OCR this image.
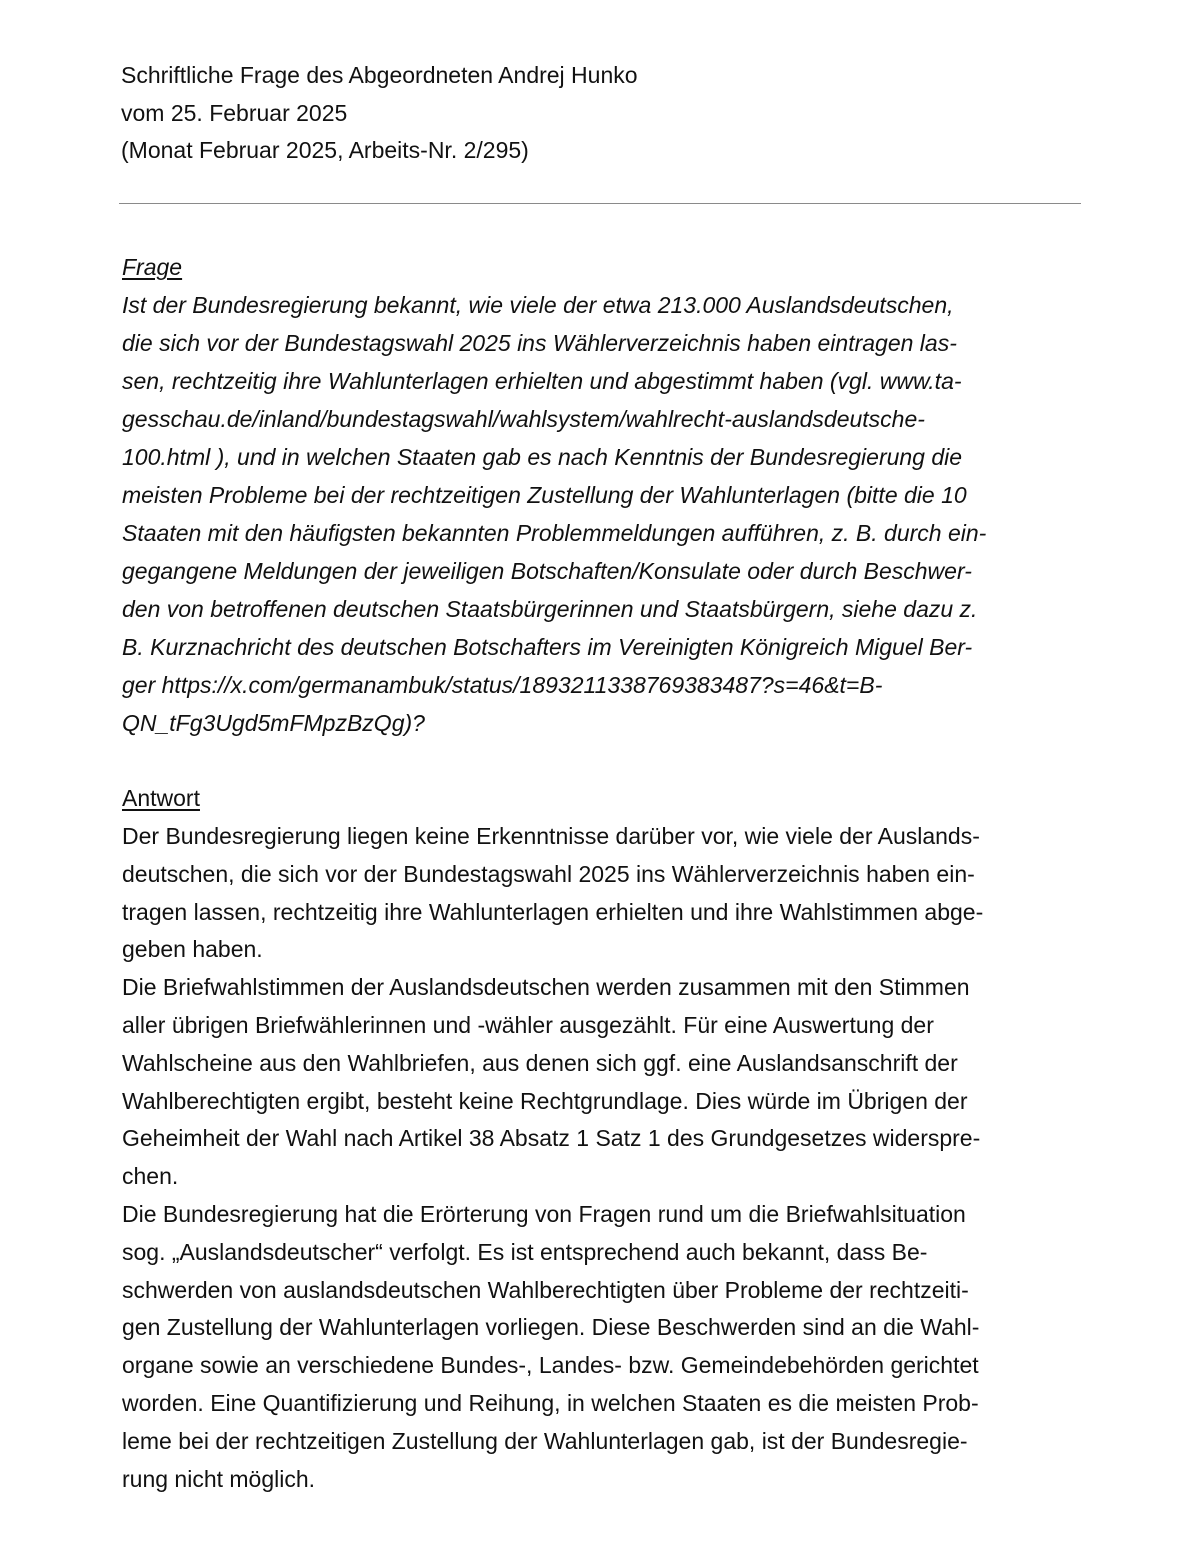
Schriftliche Frage des Abgeordneten Andrej Hunko
vom 25. Februar 2025
(Monat Februar 2025, Arbeits-Nr. 2/295)
Frage
Ist der Bundesregierung bekannt, wie viele der etwa 213.000 Auslandsdeutschen,
die sich vor der Bundestagswahl 2025 ins Wählerverzeichnis haben eintragen las-
sen, rechtzeitig ihre Wahlunterlagen erhielten und abgestimmt haben (vgl. www.ta-
gesschau.de/inland/bundestagswahl/wahlsystem/wahlrecht-auslandsdeutsche-
100.html ), und in welchen Staaten gab es nach Kenntnis der Bundesregierung die
meisten Probleme bei der rechtzeitigen Zustellung der Wahlunterlagen (bitte die 10
Staaten mit den häufigsten bekannten Problemmeldungen aufführen, z. B. durch ein-
gegangene Meldungen der jeweiligen Botschaften/Konsulate oder durch Beschwer-
den von betroffenen deutschen Staatsbürgerinnen und Staatsbürgern, siehe dazu z.
B. Kurznachricht des deutschen Botschafters im Vereinigten Königreich Miguel Ber-
ger https://x.com/germanambuk/status/1893211338769383487?s=46&t=B-
QN_tFg3Ugd5mFMpzBzQg)?
Antwort
Der Bundesregierung liegen keine Erkenntnisse darüber vor, wie viele der Auslands-
deutschen, die sich vor der Bundestagswahl 2025 ins Wählerverzeichnis haben ein-
tragen lassen, rechtzeitig ihre Wahlunterlagen erhielten und ihre Wahlstimmen abge-
geben haben.
Die Briefwahlstimmen der Auslandsdeutschen werden zusammen mit den Stimmen
aller übrigen Briefwählerinnen und -wähler ausgezählt. Für eine Auswertung der
Wahlscheine aus den Wahlbriefen, aus denen sich ggf. eine Auslandsanschrift der
Wahlberechtigten ergibt, besteht keine Rechtgrundlage. Dies würde im Übrigen der
Geheimheit der Wahl nach Artikel 38 Absatz 1 Satz 1 des Grundgesetzes widerspre-
chen.
Die Bundesregierung hat die Erörterung von Fragen rund um die Briefwahlsituation
sog. „Auslandsdeutscher“ verfolgt. Es ist entsprechend auch bekannt, dass Be-
schwerden von auslandsdeutschen Wahlberechtigten über Probleme der rechtzeiti-
gen Zustellung der Wahlunterlagen vorliegen. Diese Beschwerden sind an die Wahl-
organe sowie an verschiedene Bundes-, Landes- bzw. Gemeindebehörden gerichtet
worden. Eine Quantifizierung und Reihung, in welchen Staaten es die meisten Prob-
leme bei der rechtzeitigen Zustellung der Wahlunterlagen gab, ist der Bundesregie-
rung nicht möglich.
